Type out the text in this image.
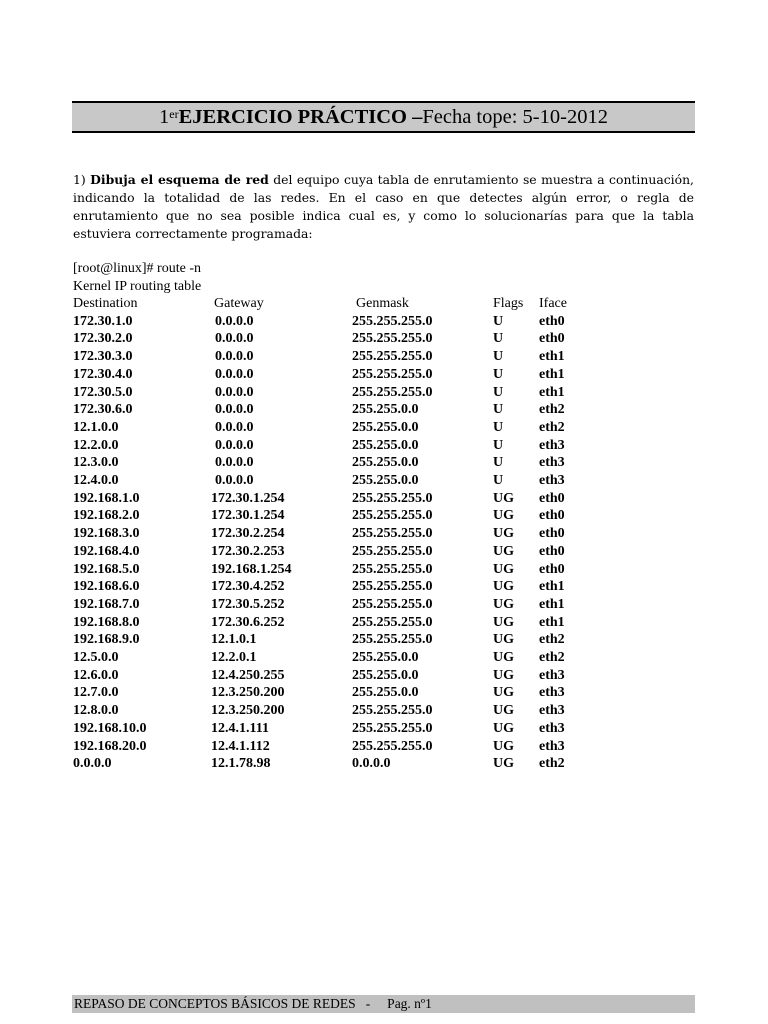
1er EJERCICIO PRÁCTICO – Fecha tope: 5-10-2012
1) Dibuja el esquema de red del equipo cuya tabla de enrutamiento se muestra a continuación, indicando la totalidad de las redes. En el caso en que detectes algún error, o regla de enrutamiento que no sea posible indica cual es, y como lo solucionarías para que la tabla estuviera correctamente programada:
[root@linux]# route -n
Kernel IP routing table
Destination	Gateway	Genmask	Flags	Iface
172.30.1.0	0.0.0.0	255.255.255.0	U	eth0
172.30.2.0	0.0.0.0	255.255.255.0	U	eth0
172.30.3.0	0.0.0.0	255.255.255.0	U	eth1
172.30.4.0	0.0.0.0	255.255.255.0	U	eth1
172.30.5.0	0.0.0.0	255.255.255.0	U	eth1
172.30.6.0	0.0.0.0	255.255.0.0	U	eth2
12.1.0.0	0.0.0.0	255.255.0.0	U	eth2
12.2.0.0	0.0.0.0	255.255.0.0	U	eth3
12.3.0.0	0.0.0.0	255.255.0.0	U	eth3
12.4.0.0	0.0.0.0	255.255.0.0	U	eth3
192.168.1.0	172.30.1.254	255.255.255.0	UG	eth0
192.168.2.0	172.30.1.254	255.255.255.0	UG	eth0
192.168.3.0	172.30.2.254	255.255.255.0	UG	eth0
192.168.4.0	172.30.2.253	255.255.255.0	UG	eth0
192.168.5.0	192.168.1.254	255.255.255.0	UG	eth0
192.168.6.0	172.30.4.252	255.255.255.0	UG	eth1
192.168.7.0	172.30.5.252	255.255.255.0	UG	eth1
192.168.8.0	172.30.6.252	255.255.255.0	UG	eth1
192.168.9.0	12.1.0.1	255.255.255.0	UG	eth2
12.5.0.0	12.2.0.1	255.255.0.0	UG	eth2
12.6.0.0	12.4.250.255	255.255.0.0	UG	eth3
12.7.0.0	12.3.250.200	255.255.0.0	UG	eth3
12.8.0.0	12.3.250.200	255.255.255.0	UG	eth3
192.168.10.0	12.4.1.111	255.255.255.0	UG	eth3
192.168.20.0	12.4.1.112	255.255.255.0	UG	eth3
0.0.0.0	12.1.78.98	0.0.0.0	UG	eth2
REPASO DE CONCEPTOS BÁSICOS DE REDES   -     Pag. nº1
